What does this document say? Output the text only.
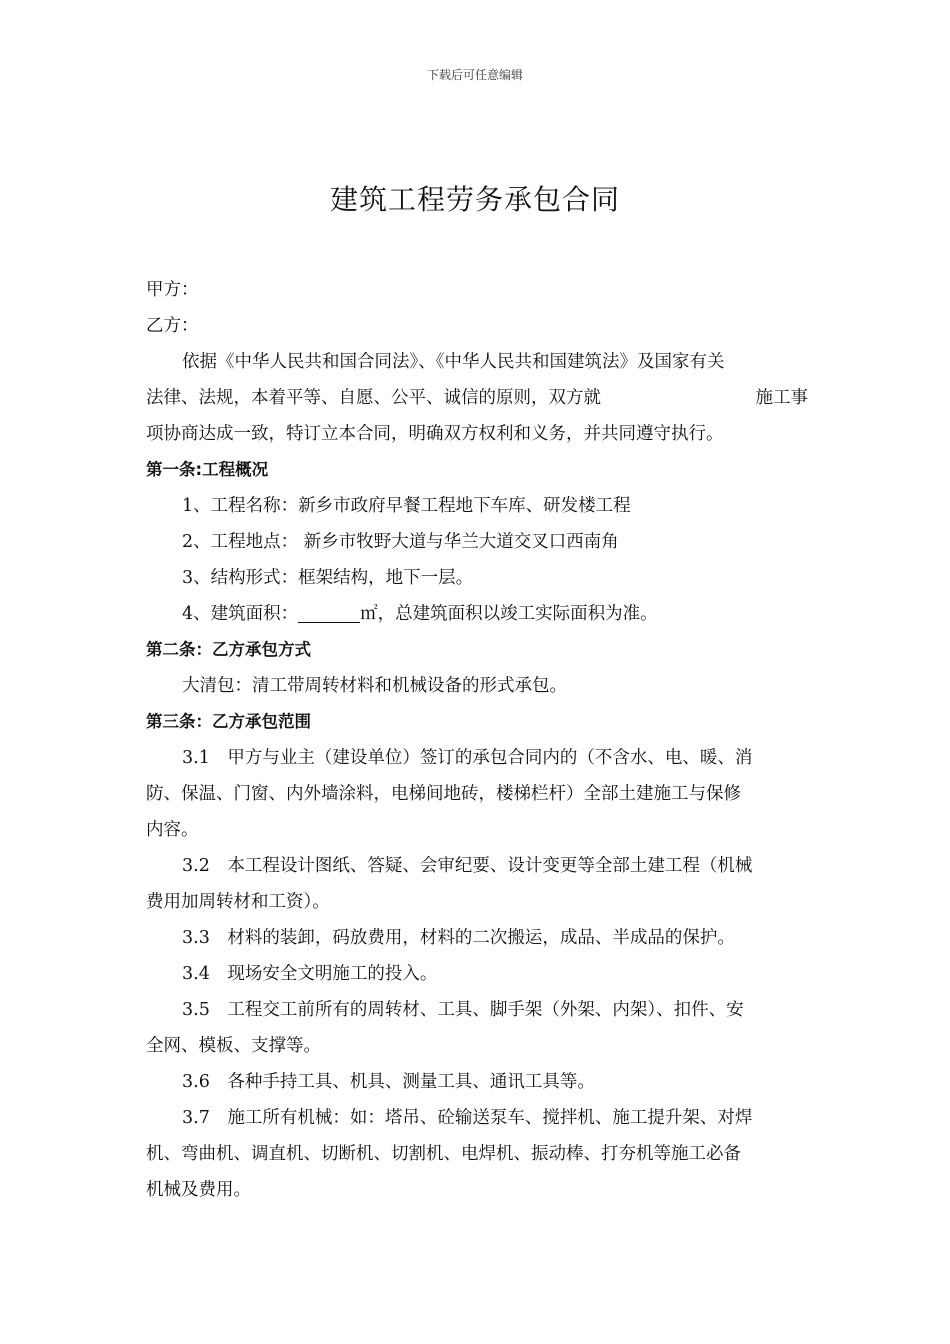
下载后可任意编辑
建筑工程劳务承包合同
甲方：
乙方：
依据《中华人民共和国合同法》、《中华人民共和国建筑法》及国家有关
法律、法规，本着平等、自愿、公平、诚信的原则，双方就	施工事
项协商达成一致，特订立本合同，明确双方权利和义务，并共同遵守执行。
第一条:工程概况
1、工程名称：新乡市政府早餐工程地下车库、研发楼工程
2、工程地点： 新乡市牧野大道与华兰大道交叉口西南角
3、结构形式：框架结构，地下一层。
4、建筑面积：	㎡，总建筑面积以竣工实际面积为准。
第二条：乙方承包方式
大清包：清工带周转材料和机械设备的形式承包。
第三条：乙方承包范围
3.1　甲方与业主（建设单位）签订的承包合同内的（不含水、电、暖、消
防、保温、门窗、内外墙涂料，电梯间地砖，楼梯栏杆）全部土建施工与保修
内容。
3.2　本工程设计图纸、答疑、会审纪要、设计变更等全部土建工程（机械
费用加周转材和工资）。
3.3　材料的装卸，码放费用，材料的二次搬运，成品、半成品的保护。
3.4　现场安全文明施工的投入。
3.5　工程交工前所有的周转材、工具、脚手架（外架、内架）、扣件、安
全网、模板、支撑等。
3.6　各种手持工具、机具、测量工具、通讯工具等。
3.7　施工所有机械：如：塔吊、砼输送泵车、搅拌机、施工提升架、对焊
机、弯曲机、调直机、切断机、切割机、电焊机、振动棒、打夯机等施工必备
机械及费用。
